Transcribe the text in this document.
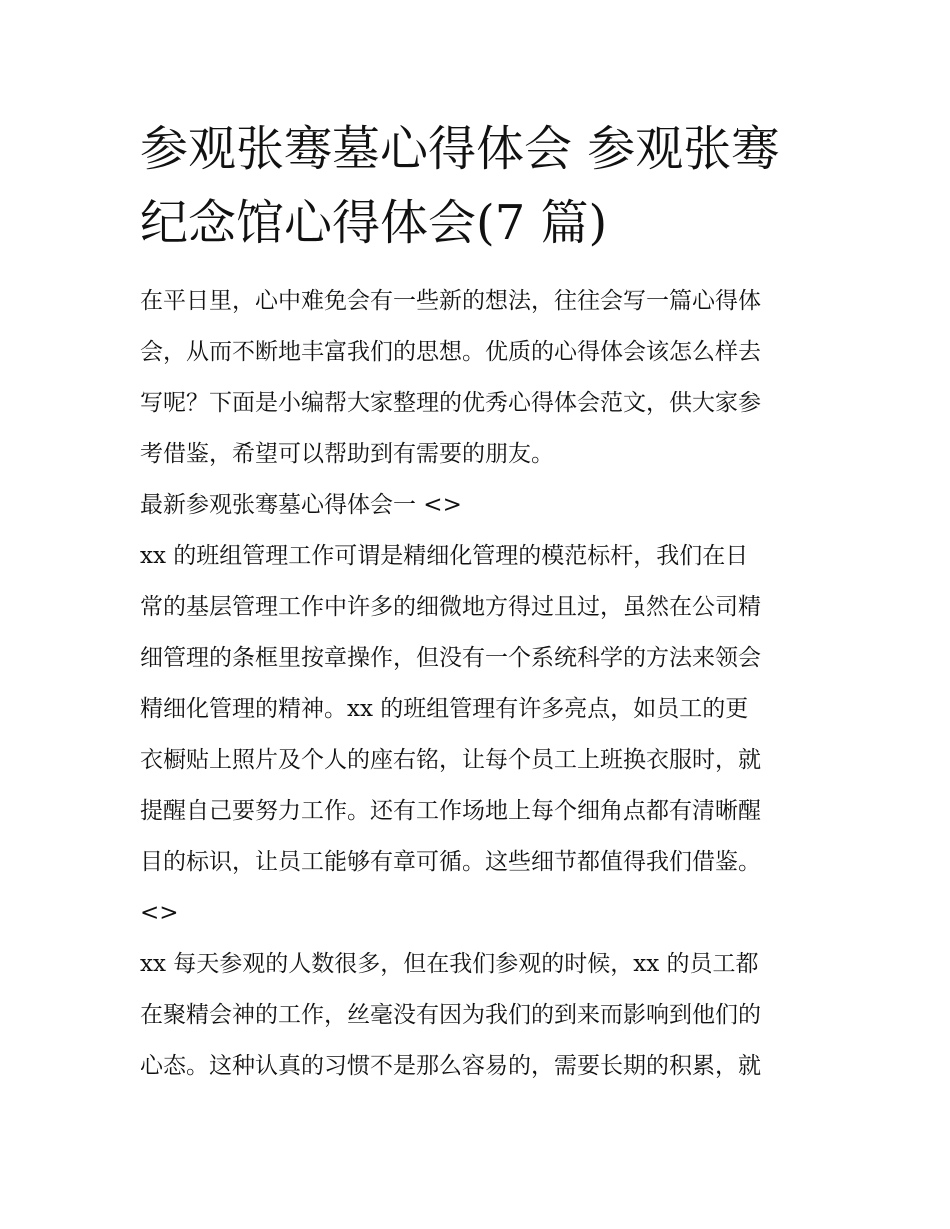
参观张骞墓心得体会 参观张骞
纪念馆心得体会(7 篇)
在平日里，心中难免会有一些新的想法，往往会写一篇心得体
会，从而不断地丰富我们的思想。优质的心得体会该怎么样去
写呢？下面是小编帮大家整理的优秀心得体会范文，供大家参
考借鉴，希望可以帮助到有需要的朋友。
最新参观张骞墓心得体会一 <>
xx 的班组管理工作可谓是精细化管理的模范标杆，我们在日
常的基层管理工作中许多的细微地方得过且过，虽然在公司精
细管理的条框里按章操作，但没有一个系统科学的方法来领会
精细化管理的精神。xx 的班组管理有许多亮点，如员工的更
衣橱贴上照片及个人的座右铭，让每个员工上班换衣服时，就
提醒自己要努力工作。还有工作场地上每个细角点都有清晰醒
目的标识，让员工能够有章可循。这些细节都值得我们借鉴。
<>
xx 每天参观的人数很多，但在我们参观的时候，xx 的员工都
在聚精会神的工作，丝毫没有因为我们的到来而影响到他们的
心态。这种认真的习惯不是那么容易的，需要长期的积累，就
